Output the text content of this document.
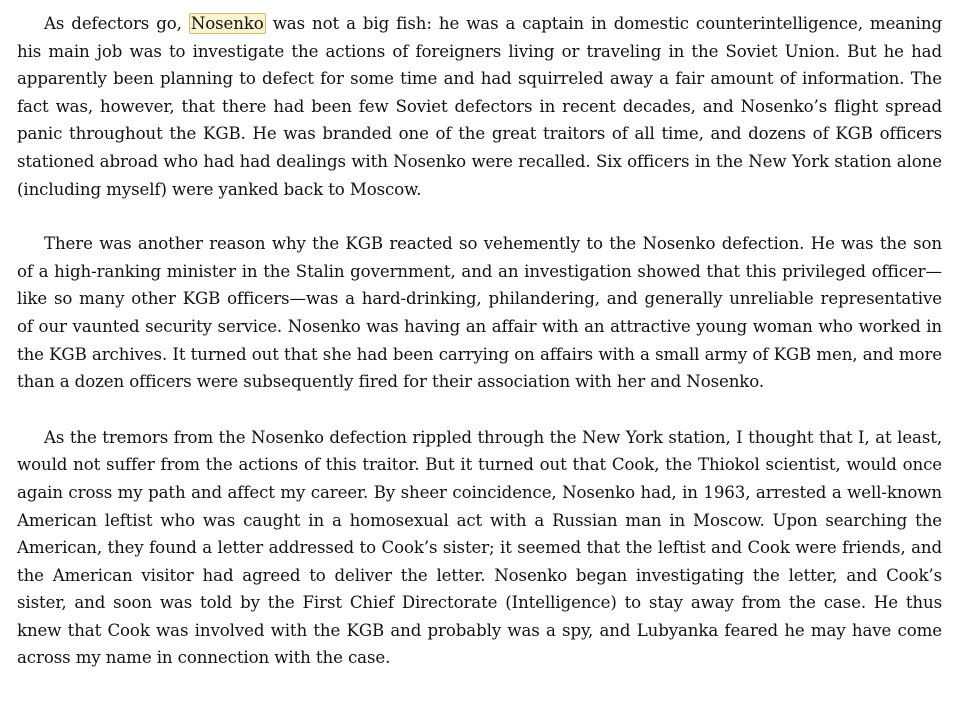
As defectors go, Nosenko was not a big fish: he was a captain in domestic counterintelligence, meaning his main job was to investigate the actions of foreigners living or traveling in the Soviet Union. But he had apparently been planning to defect for some time and had squirreled away a fair amount of information. The fact was, however, that there had been few Soviet defectors in recent decades, and Nosenko’s flight spread panic throughout the KGB. He was branded one of the great traitors of all time, and dozens of KGB officers stationed abroad who had had dealings with Nosenko were recalled. Six officers in the New York station alone (including myself) were yanked back to Moscow.

There was another reason why the KGB reacted so vehemently to the Nosenko defection. He was the son of a high-ranking minister in the Stalin government, and an investigation showed that this privileged officer—like so many other KGB officers—was a hard-drinking, philandering, and generally unreliable representative of our vaunted security service. Nosenko was having an affair with an attractive young woman who worked in the KGB archives. It turned out that she had been carrying on affairs with a small army of KGB men, and more than a dozen officers were subsequently fired for their association with her and Nosenko.

As the tremors from the Nosenko defection rippled through the New York station, I thought that I, at least, would not suffer from the actions of this traitor. But it turned out that Cook, the Thiokol scientist, would once again cross my path and affect my career. By sheer coincidence, Nosenko had, in 1963, arrested a well-known American leftist who was caught in a homosexual act with a Russian man in Moscow. Upon searching the American, they found a letter addressed to Cook’s sister; it seemed that the leftist and Cook were friends, and the American visitor had agreed to deliver the letter. Nosenko began investigating the letter, and Cook’s sister, and soon was told by the First Chief Directorate (Intelligence) to stay away from the case. He thus knew that Cook was involved with the KGB and probably was a spy, and Lubyanka feared he may have come across my name in connection with the case.
